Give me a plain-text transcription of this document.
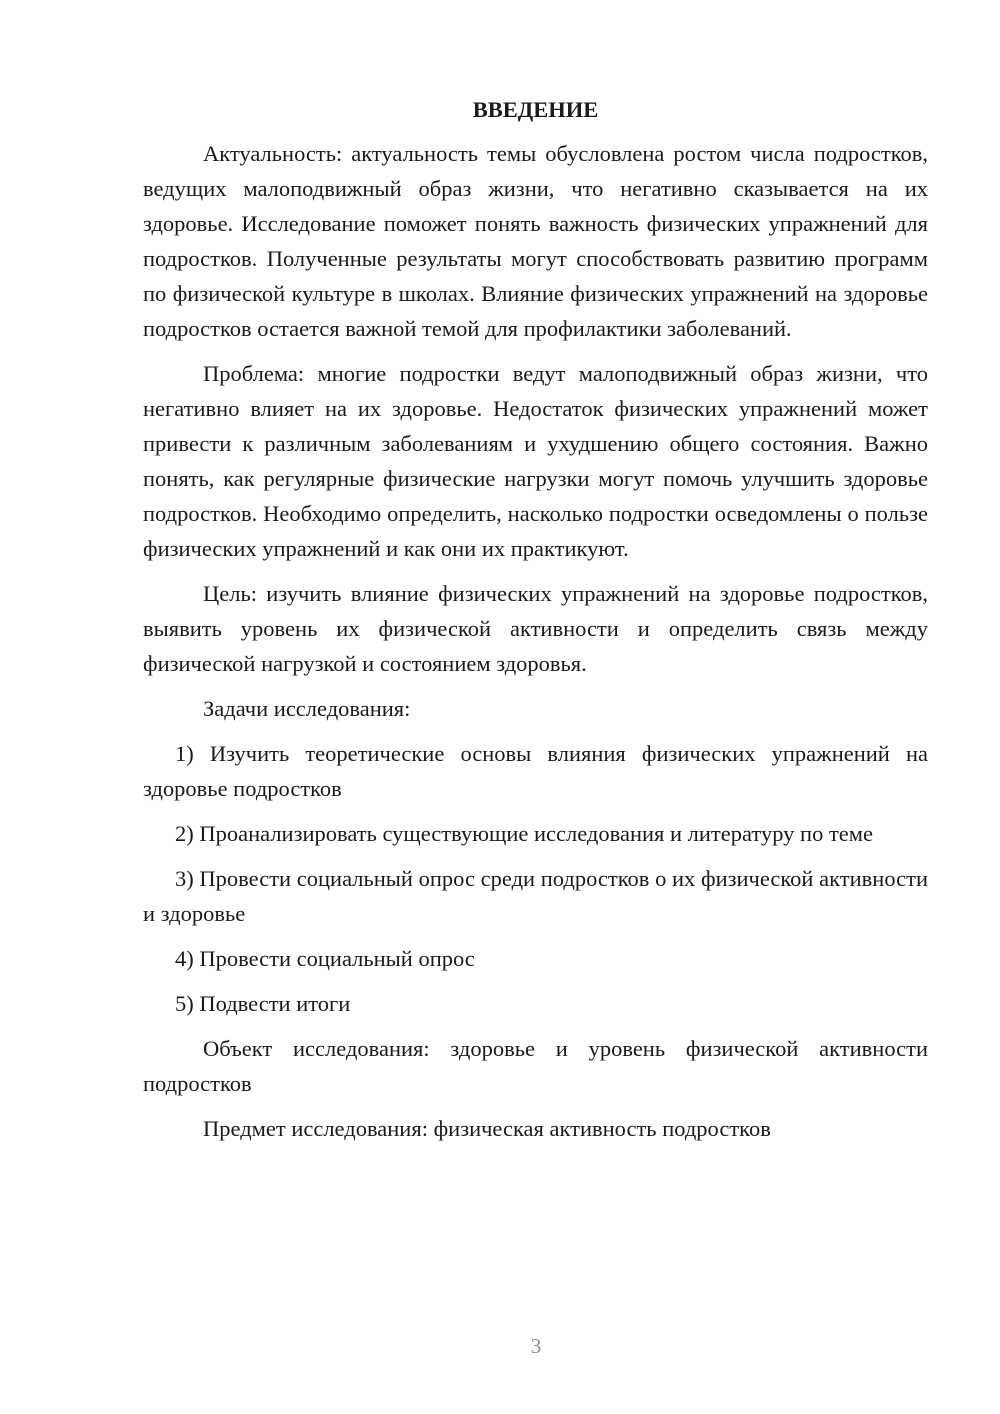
ВВЕДЕНИЕ

Актуальность: актуальность темы обусловлена ростом числа подростков, ведущих малоподвижный образ жизни, что негативно сказывается на их здоровье. Исследование поможет понять важность физических упражнений для подростков. Полученные результаты могут способствовать развитию программ по физической культуре в школах. Влияние физических упражнений на здоровье подростков остается важной темой для профилактики заболеваний.

Проблема: многие подростки ведут малоподвижный образ жизни, что негативно влияет на их здоровье. Недостаток физических упражнений может привести к различным заболеваниям и ухудшению общего состояния. Важно понять, как регулярные физические нагрузки могут помочь улучшить здоровье подростков. Необходимо определить, насколько подростки осведомлены о пользе физических упражнений и как они их практикуют.

Цель: изучить влияние физических упражнений на здоровье подростков, выявить уровень их физической активности и определить связь между физической нагрузкой и состоянием здоровья.

Задачи исследования:

1) Изучить теоретические основы влияния физических упражнений на здоровье подростков

2) Проанализировать существующие исследования и литературу по теме

3) Провести социальный опрос среди подростков о их физической активности и здоровье

4) Провести социальный опрос

5) Подвести итоги

Объект исследования: здоровье и уровень физической активности подростков

Предмет исследования: физическая активность подростков

3
